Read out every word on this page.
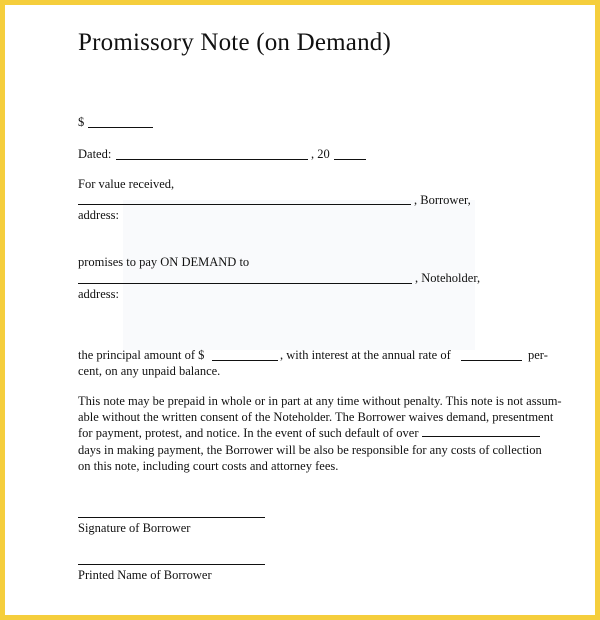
Promissory Note (on Demand)
$
Dated:	, 20
For value received,
, Borrower,
address:
promises to pay ON DEMAND to
, Noteholder,
address:
the principal amount of $	, with interest at the annual rate of	per-
cent, on any unpaid balance.
This note may be prepaid in whole or in part at any time without penalty. This note is not assum-
able without the written consent of the Noteholder. The Borrower waives demand, presentment
for payment, protest, and notice. In the event of such default of over
days in making payment, the Borrower will be also be responsible for any costs of collection
on this note, including court costs and attorney fees.
Signature of Borrower
Printed Name of Borrower
